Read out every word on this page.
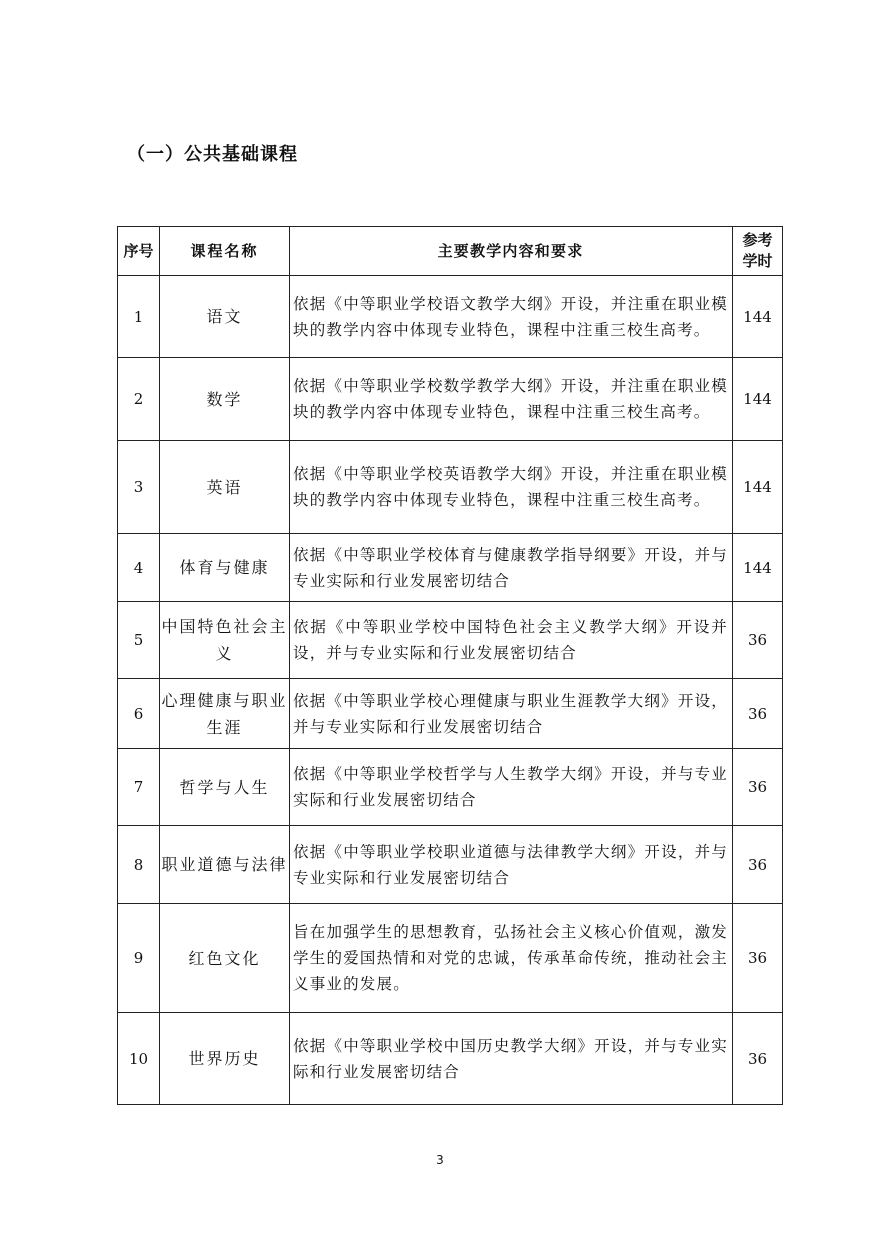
（一）公共基础课程
序号	课程名称	主要教学内容和要求	参考
学时

1	语文	依据《中等职业学校语文教学大纲》开设，并注重在职业模块的教学内容中体现专业特色，课程中注重三校生高考。	144
2	数学	依据《中等职业学校数学教学大纲》开设，并注重在职业模块的教学内容中体现专业特色，课程中注重三校生高考。	144
3	英语	依据《中等职业学校英语教学大纲》开设，并注重在职业模块的教学内容中体现专业特色，课程中注重三校生高考。	144
4	体育与健康	依据《中等职业学校体育与健康教学指导纲要》开设，并与专业实际和行业发展密切结合	144
5	中国特色社会主义	依据《中等职业学校中国特色社会主义教学大纲》开设并设，并与专业实际和行业发展密切结合	36
6	心理健康与职业生涯	依据《中等职业学校心理健康与职业生涯教学大纲》开设，并与专业实际和行业发展密切结合	36
7	哲学与人生	依据《中等职业学校哲学与人生教学大纲》开设，并与专业实际和行业发展密切结合	36
8	职业道德与法律	依据《中等职业学校职业道德与法律教学大纲》开设，并与专业实际和行业发展密切结合	36
9	红色文化	旨在加强学生的思想教育，弘扬社会主义核心价值观，激发学生的爱国热情和对党的忠诚，传承革命传统，推动社会主义事业的发展。	36
10	世界历史	依据《中等职业学校中国历史教学大纲》开设，并与专业实际和行业发展密切结合	36
3
